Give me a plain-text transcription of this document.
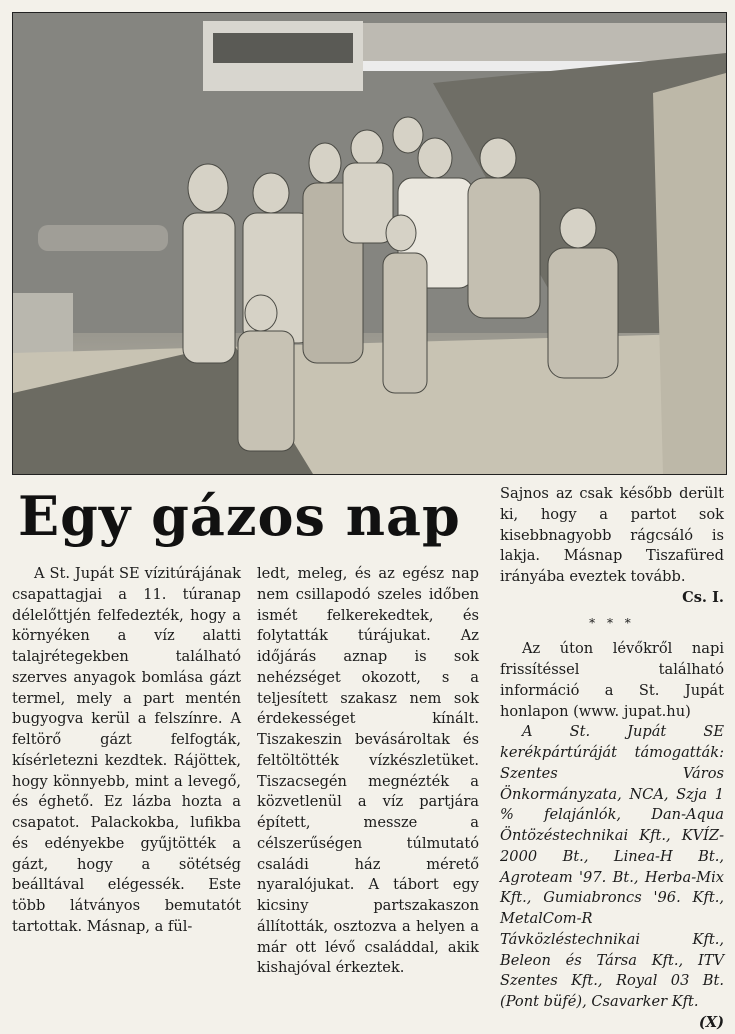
Egy gázos nap

A St. Jupát SE vízitúrájának csapattagjai a 11. túranap délelőttjén felfedezték, hogy a környéken a víz alatti talajrétegekben található szerves anyagok bomlása gázt termel, mely a part mentén bugyogva kerül a felszínre. A feltörő gázt felfogták, kísérletezni kezdtek. Rájöttek, hogy könnyebb, mint a levegő, és éghető. Ez lázba hozta a csapatot. Palackokba, lufikba és edényekbe gyűjtötték a gázt, hogy a sötétség beálltával elégessék. Este több látványos bemutatót tartottak. Másnap, a fül-

ledt, meleg, és az egész nap nem csillapodó szeles időben ismét felkerekedtek, és folytatták túrájukat. Az időjárás aznap is sok nehézséget okozott, s a teljesített szakasz nem sok érdekességet kínált. Tiszakeszin bevásároltak és feltöltötték vízkészletüket. Tiszacsegén megnézték a közvetlenül a víz partjára épített, messze a célszerűségen túlmutató családi ház mérető nyaralójukat. A tábort egy kicsiny partszakaszon állították, osztozva a helyen a már ott lévő családdal, akik kishajóval érkeztek.

Sajnos az csak később derült ki, hogy a partot sok kisebbnagyobb rágcsáló is lakja. Másnap Tiszafüred irányába eveztek tovább.

Cs. I.
* * *

Az úton lévőkről napi frissítéssel található információ a St. Jupát honlapon (www. jupat.hu)

A St. Jupát SE kerékpártúráját támogatták: Szentes Város Önkormányzata, NCA, Szja 1 % felajánlók, Dan-Aqua Öntözéstechnikai Kft., KVÍZ-2000 Bt., Linea-H Bt., Agroteam '97. Bt., Herba-Mix Kft., Gumiabroncs '96. Kft., MetalCom-R Távközléstechnikai Kft., Beleon és Társa Kft., ITV Szentes Kft., Royal 03 Bt. (Pont büfé), Csavarker Kft.
(X)
